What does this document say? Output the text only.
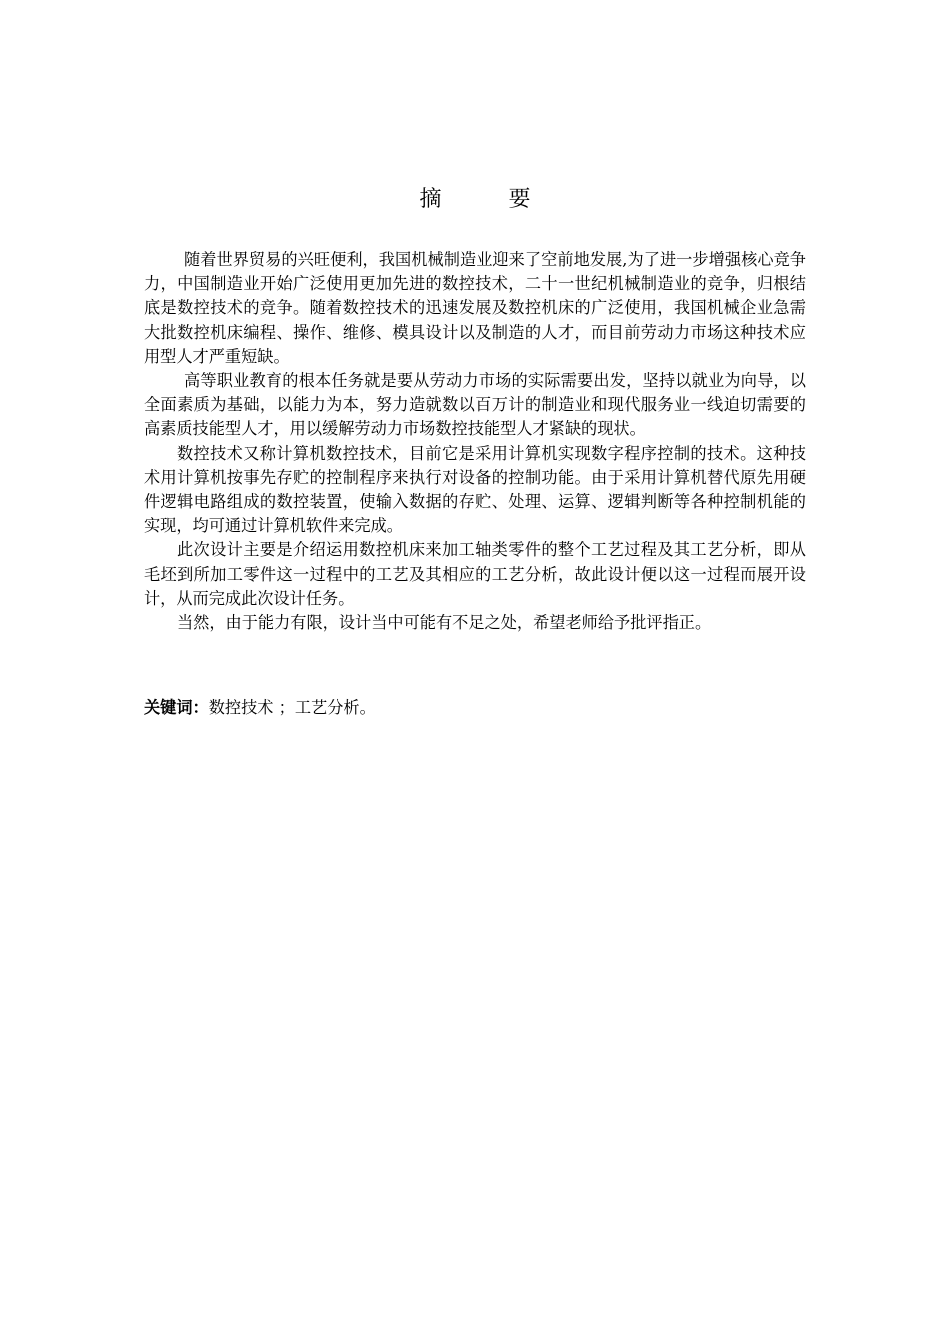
摘 要

随着世界贸易的兴旺便利，我国机械制造业迎来了空前地发展,为了进一步增强核心竞争力，中国制造业开始广泛使用更加先进的数控技术，二十一世纪机械制造业的竞争，归根结底是数控技术的竞争。随着数控技术的迅速发展及数控机床的广泛使用，我国机械企业急需大批数控机床编程、操作、维修、模具设计以及制造的人才，而目前劳动力市场这种技术应用型人才严重短缺。

高等职业教育的根本任务就是要从劳动力市场的实际需要出发，坚持以就业为向导，以全面素质为基础，以能力为本，努力造就数以百万计的制造业和现代服务业一线迫切需要的高素质技能型人才，用以缓解劳动力市场数控技能型人才紧缺的现状。

数控技术又称计算机数控技术，目前它是采用计算机实现数字程序控制的技术。这种技术用计算机按事先存贮的控制程序来执行对设备的控制功能。由于采用计算机替代原先用硬件逻辑电路组成的数控装置，使输入数据的存贮、处理、运算、逻辑判断等各种控制机能的实现，均可通过计算机软件来完成。

此次设计主要是介绍运用数控机床来加工轴类零件的整个工艺过程及其工艺分析，即从毛坯到所加工零件这一过程中的工艺及其相应的工艺分析，故此设计便以这一过程而展开设计，从而完成此次设计任务。

当然，由于能力有限，设计当中可能有不足之处，希望老师给予批评指正。

关键词：数控技术 ；工艺分析。
